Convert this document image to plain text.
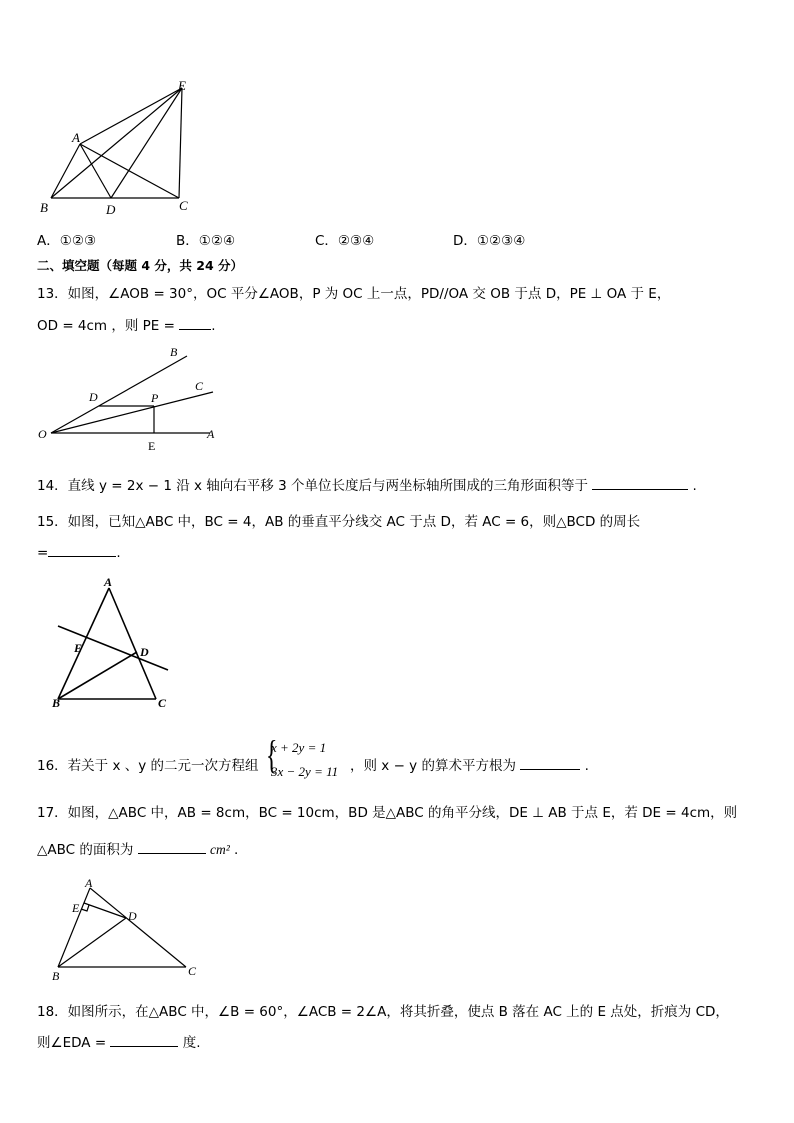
E
A
B	D	C
A．①②③	B．①②④	C．②③④	D．①②③④
二、填空题（每题 4 分，共 24 分）
13．如图，∠AOB = 30°，OC 平分∠AOB，P 为 OC 上一点，PD//OA 交 OB 于点 D，PE ⊥ OA 于 E，
OD = 4cm ，则 PE =	.
B
C
D	P
O
E
A
14．直线 y = 2x − 1 沿 x 轴向右平移 3 个单位长度后与两坐标轴所围成的三角形面积等于	.
15．如图，已知△ABC 中，BC = 4，AB 的垂直平分线交 AC 于点 D，若 AC = 6，则△BCD 的周长
=	.
A
E	D
B	C
16．若关于 x 、y 的二元一次方程组 {
x + 2y = 1
3x − 2y = 11 ，则 x − y 的算术平方根为	.
17．如图，△ABC 中，AB = 8cm，BC = 10cm，BD 是△ABC 的角平分线，DE ⊥ AB 于点 E，若 DE = 4cm，则
△ABC 的面积为	cm² .
A
E
D
B	C
18．如图所示，在△ABC 中，∠B = 60°，∠ACB = 2∠A，将其折叠，使点 B 落在 AC 上的 E 点处，折痕为 CD，
则∠EDA =	度.
